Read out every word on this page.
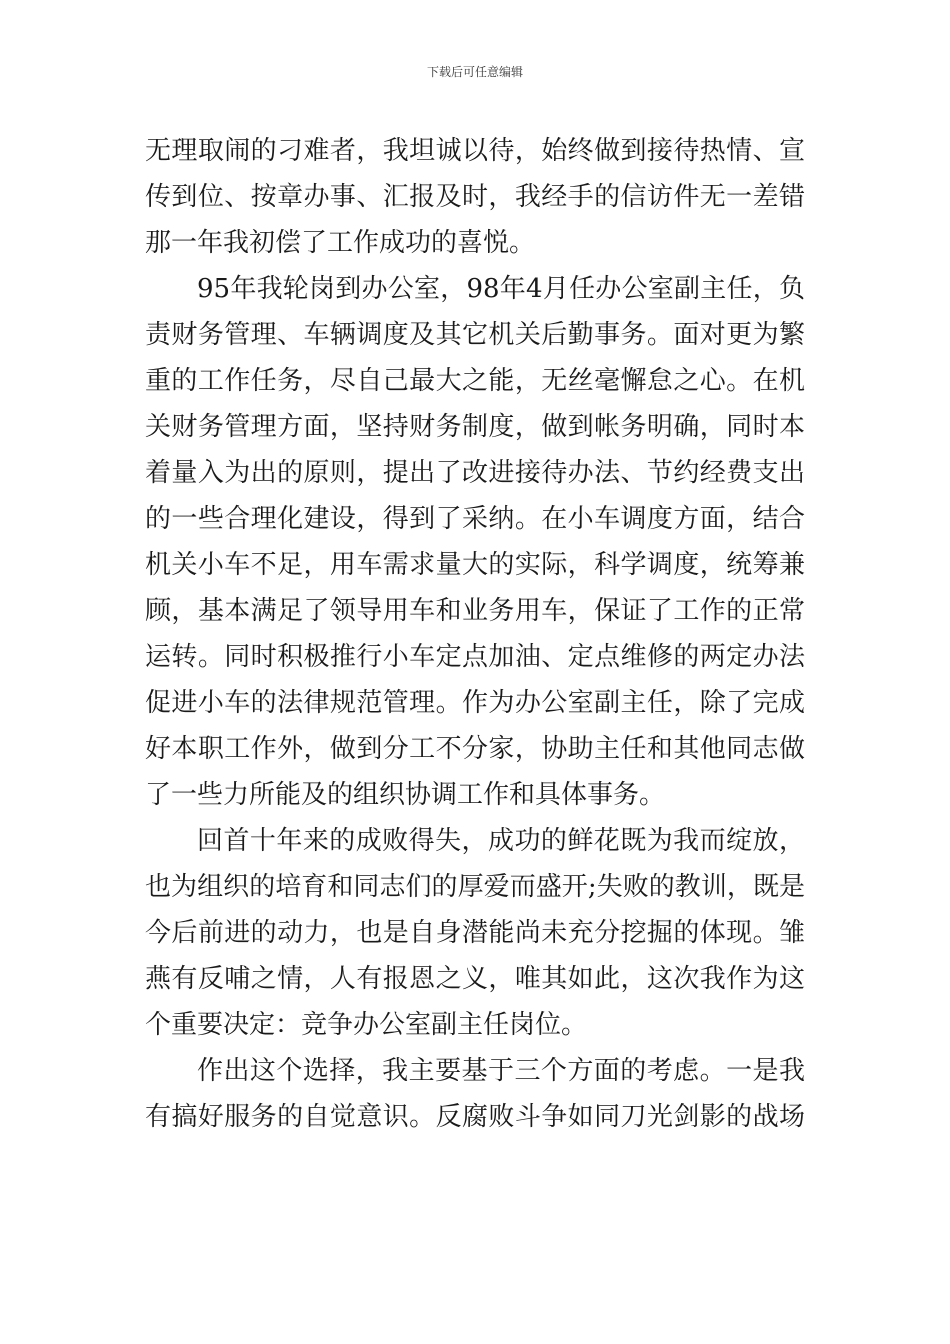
下载后可任意编辑
无理取闹的刁难者，我坦诚以待，始终做到接待热情、宣
传到位、按章办事、汇报及时，我经手的信访件无一差错
那一年我初偿了工作成功的喜悦。
95年我轮岗到办公室，98年4月任办公室副主任，负
责财务管理、车辆调度及其它机关后勤事务。面对更为繁
重的工作任务，尽自己最大之能，无丝毫懈怠之心。在机
关财务管理方面，坚持财务制度，做到帐务明确，同时本
着量入为出的原则，提出了改进接待办法、节约经费支出
的一些合理化建设，得到了采纳。在小车调度方面，结合
机关小车不足，用车需求量大的实际，科学调度，统筹兼
顾，基本满足了领导用车和业务用车，保证了工作的正常
运转。同时积极推行小车定点加油、定点维修的两定办法
促进小车的法律规范管理。作为办公室副主任，除了完成
好本职工作外，做到分工不分家，协助主任和其他同志做
了一些力所能及的组织协调工作和具体事务。
回首十年来的成败得失，成功的鲜花既为我而绽放，
也为组织的培育和同志们的厚爱而盛开;失败的教训，既是
今后前进的动力，也是自身潜能尚未充分挖掘的体现。雏
燕有反哺之情，人有报恩之义，唯其如此，这次我作为这
个重要决定：竞争办公室副主任岗位。
作出这个选择，我主要基于三个方面的考虑。一是我
有搞好服务的自觉意识。反腐败斗争如同刀光剑影的战场
